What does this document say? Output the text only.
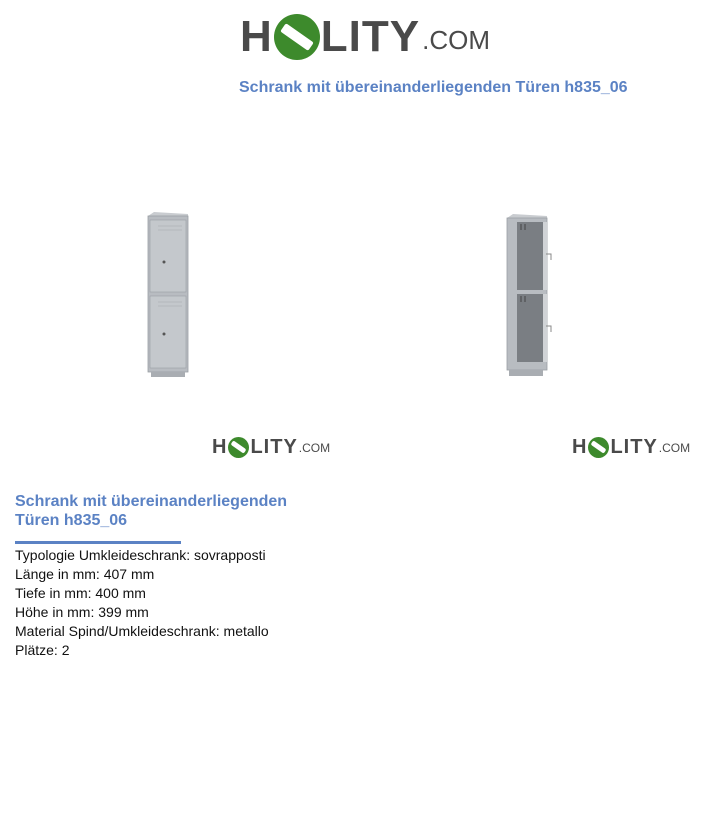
H LITY .COM
Schrank mit übereinanderliegenden Türen h835_06
H LITY .COM	H LITY .COM
Schrank mit übereinanderliegenden
Türen h835_06
Typologie Umkleideschrank: sovrapposti
Länge in mm: 407 mm
Tiefe in mm: 400 mm
Höhe in mm: 399 mm
Material Spind/Umkleideschrank: metallo
Plätze: 2
